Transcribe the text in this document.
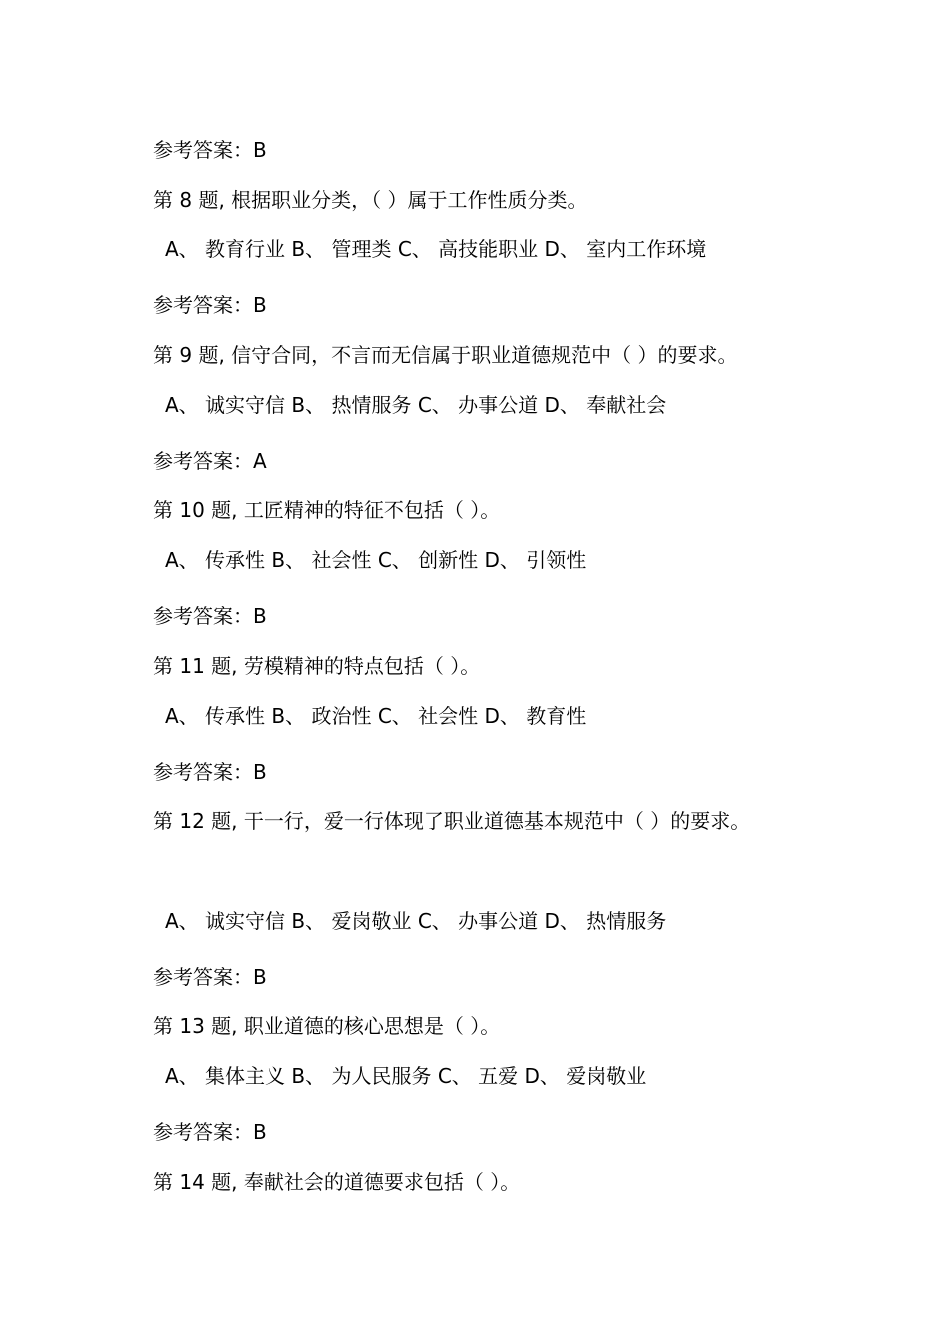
参考答案：B
第 8 题, 根据职业分类，（ ）属于工作性质分类。
A、 教育行业 B、 管理类 C、 高技能职业 D、 室内工作环境
参考答案：B
第 9 题, 信守合同，不言而无信属于职业道德规范中（ ）的要求。
A、 诚实守信 B、 热情服务 C、 办事公道 D、 奉献社会
参考答案：A
第 10 题, 工匠精神的特征不包括（ ）。
A、 传承性 B、 社会性 C、 创新性 D、 引领性
参考答案：B
第 11 题, 劳模精神的特点包括（ ）。
A、 传承性 B、 政治性 C、 社会性 D、 教育性
参考答案：B
第 12 题, 干一行，爱一行体现了职业道德基本规范中（ ）的要求。
A、 诚实守信 B、 爱岗敬业 C、 办事公道 D、 热情服务
参考答案：B
第 13 题, 职业道德的核心思想是（ ）。
A、 集体主义 B、 为人民服务 C、 五爱 D、 爱岗敬业
参考答案：B
第 14 题, 奉献社会的道德要求包括（ ）。
